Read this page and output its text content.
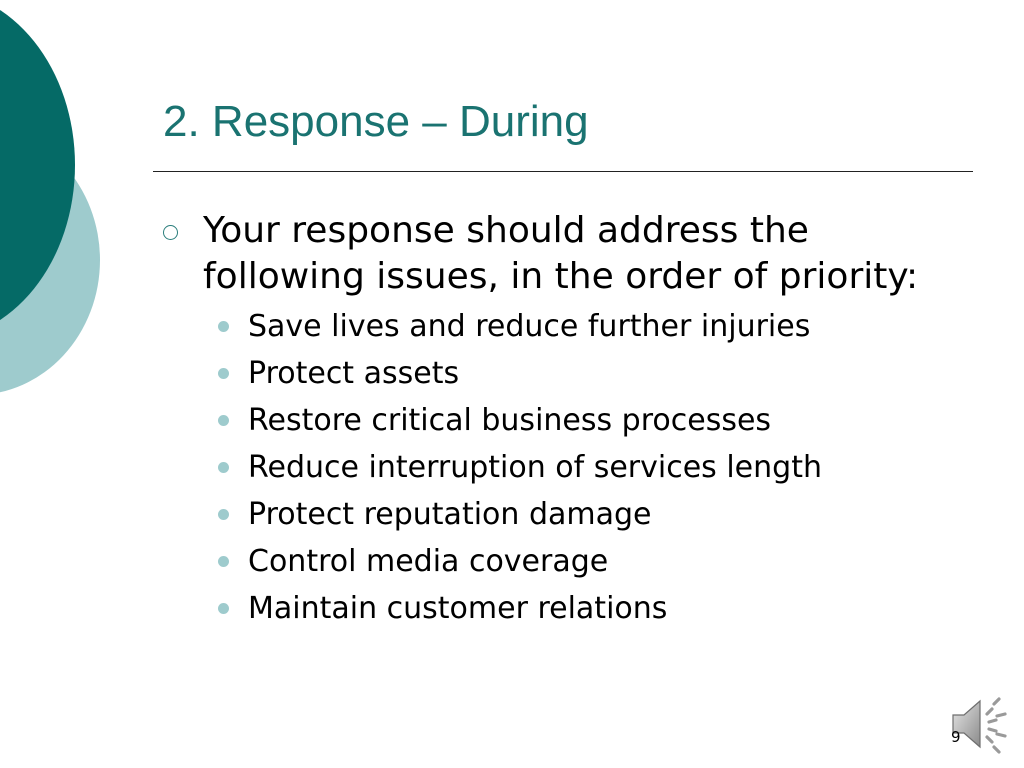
2. Response – During
Your response should address the following issues, in the order of priority:
Save lives and reduce further injuries
Protect assets
Restore critical business processes
Reduce interruption of services length
Protect reputation damage
Control media coverage
Maintain customer relations
9
